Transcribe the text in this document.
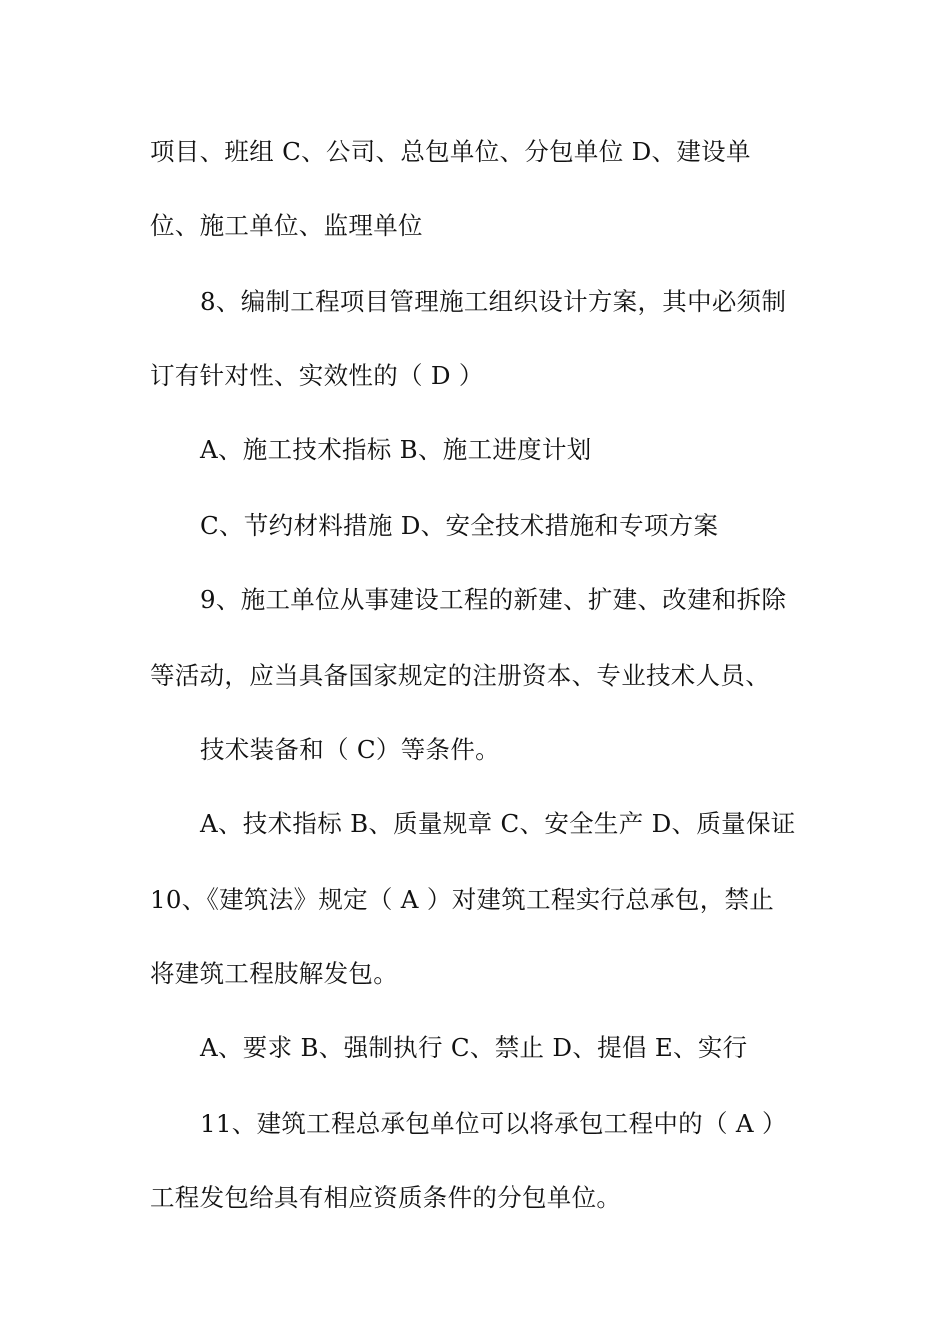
项目、班组 C、公司、总包单位、分包单位 D、建设单
位、施工单位、监理单位
8、编制工程项目管理施工组织设计方案，其中必须制
订有针对性、实效性的（ D ）
A、施工技术指标 B、施工进度计划
C、节约材料措施 D、安全技术措施和专项方案
9、施工单位从事建设工程的新建、扩建、改建和拆除
等活动，应当具备国家规定的注册资本、专业技术人员、
技术装备和（ C）等条件。
A、技术指标 B、质量规章 C、安全生产 D、质量保证
10、《建筑法》规定（ A ）对建筑工程实行总承包，禁止
将建筑工程肢解发包。
A、要求 B、强制执行 C、禁止 D、提倡 E、实行
11、建筑工程总承包单位可以将承包工程中的（ A ）
工程发包给具有相应资质条件的分包单位。
